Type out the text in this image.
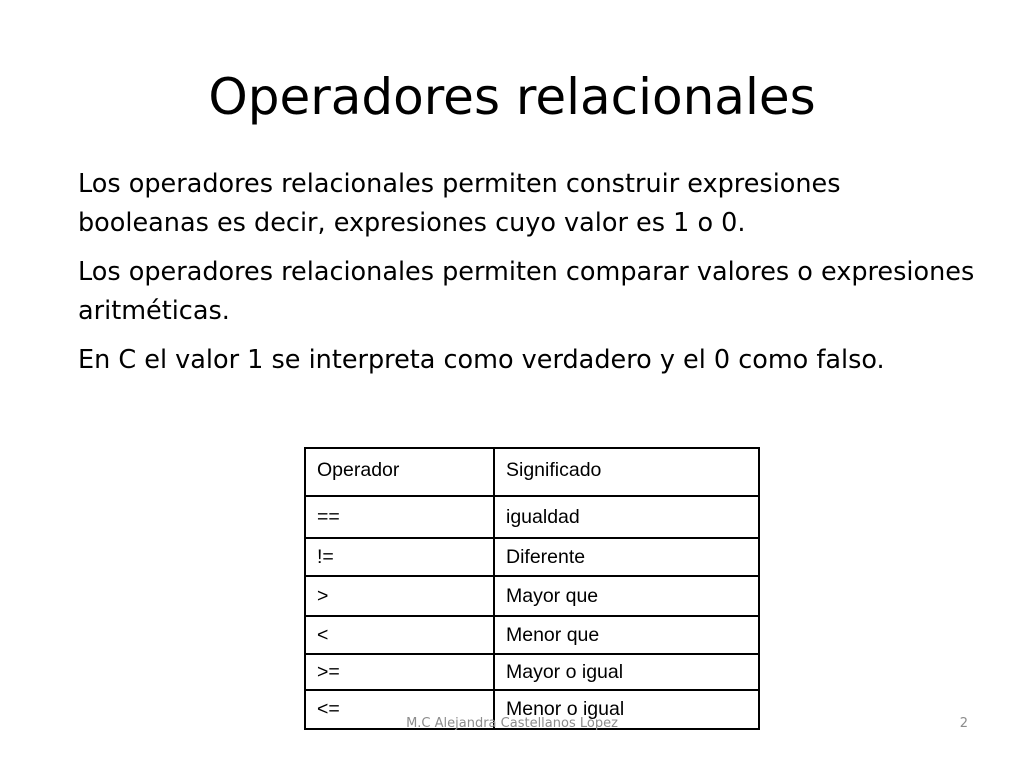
Operadores relacionales

Los operadores relacionales permiten construir expresiones booleanas es decir, expresiones cuyo valor es 1 o 0.

Los operadores relacionales permiten comparar valores o expresiones aritméticas.

En C el valor 1 se interpreta como verdadero y el 0 como falso.

Operador	Significado
==	igualdad
!=	Diferente
>	Mayor que
<	Menor que
>=	Mayor o igual
<=	Menor o igual
M.C Alejandra Castellanos Lopez	2
